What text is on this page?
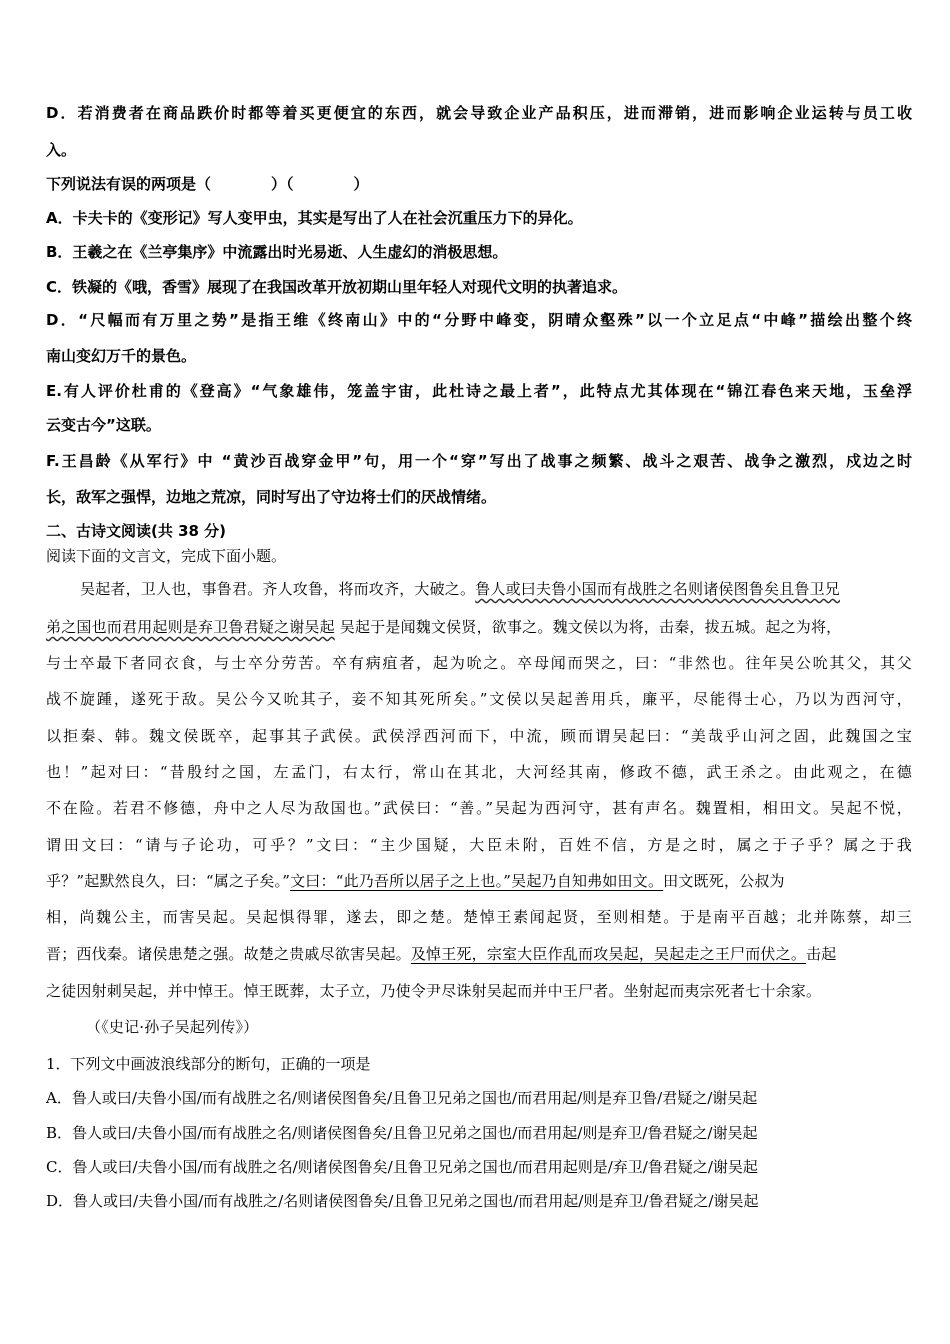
D．若消费者在商品跌价时都等着买更便宜的东西，就会导致企业产品积压，进而滞销，进而影响企业运转与员工收
入。
下列说法有误的两项是（　　　　）（　　　　）
A．卡夫卡的《变形记》写人变甲虫，其实是写出了人在社会沉重压力下的异化。
B．王羲之在《兰亭集序》中流露出时光易逝、人生虚幻的消极思想。
C．铁凝的《哦，香雪》展现了在我国改革开放初期山里年轻人对现代文明的执著追求。
D．“尺幅而有万里之势”是指王维《终南山》中的“分野中峰变，阴晴众壑殊”以一个立足点“中峰”描绘出整个终
南山变幻万千的景色。
E.有人评价杜甫的《登高》“气象雄伟，笼盖宇宙，此杜诗之最上者”，此特点尤其体现在“锦江春色来天地，玉垒浮
云变古今”这联。
F.王昌龄《从军行》中 “黄沙百战穿金甲”句，用一个“穿”写出了战事之频繁、战斗之艰苦、战争之激烈，戍边之时
长，敌军之强悍，边地之荒凉，同时写出了守边将士们的厌战情绪。
二、古诗文阅读(共 38 分)
阅读下面的文言文，完成下面小题。
吴起者，卫人也，事鲁君。齐人攻鲁，将而攻齐，大破之。鲁人或曰夫鲁小国而有战胜之名则诸侯图鲁矣且鲁卫兄
弟之国也而君用起则是弃卫鲁君疑之谢吴起 吴起于是闻魏文侯贤，欲事之。魏文侯以为将，击秦，拔五城。起之为将，
与士卒最下者同衣食，与士卒分劳苦。卒有病疽者，起为吮之。卒母闻而哭之，曰：“非然也。往年吴公吮其父，其父
战不旋踵，遂死于敌。吴公今又吮其子，妾不知其死所矣。”文侯以吴起善用兵，廉平，尽能得士心，乃以为西河守，
以拒秦、韩。魏文侯既卒，起事其子武侯。武侯浮西河而下，中流，顾而谓吴起曰：“美哉乎山河之固，此魏国之宝
也！”起对曰：“昔殷纣之国，左孟门，右太行，常山在其北，大河经其南，修政不德，武王杀之。由此观之，在德
不在险。若君不修德，舟中之人尽为敌国也。”武侯曰：“善。”吴起为西河守，甚有声名。魏置相，相田文。吴起不悦，
谓田文曰：“请与子论功，可乎？”文曰：“主少国疑，大臣未附，百姓不信，方是之时，属之于子乎？属之于我
乎？”起默然良久，曰：“属之子矣。”文曰：“此乃吾所以居子之上也。”吴起乃自知弗如田文。田文既死，公叔为
相，尚魏公主，而害吴起。吴起惧得罪，遂去，即之楚。楚悼王素闻起贤，至则相楚。于是南平百越；北并陈蔡，却三
晋；西伐秦。诸侯患楚之强。故楚之贵戚尽欲害吴起。及悼王死，宗室大臣作乱而攻吴起，吴起走之王尸而伏之。击起
之徒因射刺吴起，并中悼王。悼王既葬，太子立，乃使令尹尽诛射吴起而并中王尸者。坐射起而夷宗死者七十余家。
（《史记·孙子吴起列传》）
1．下列文中画波浪线部分的断句，正确的一项是
A．鲁人或曰/夫鲁小国/而有战胜之名/则诸侯图鲁矣/且鲁卫兄弟之国也/而君用起/则是弃卫鲁/君疑之/谢吴起
B．鲁人或曰/夫鲁小国/而有战胜之名/则诸侯图鲁矣/且鲁卫兄弟之国也/而君用起/则是弃卫/鲁君疑之/谢吴起
C．鲁人或曰/夫鲁小国/而有战胜之名/则诸侯图鲁矣/且鲁卫兄弟之国也/而君用起则是/弃卫/鲁君疑之/谢吴起
D．鲁人或曰/夫鲁小国/而有战胜之/名则诸侯图鲁矣/且鲁卫兄弟之国也/而君用起/则是弃卫/鲁君疑之/谢吴起
